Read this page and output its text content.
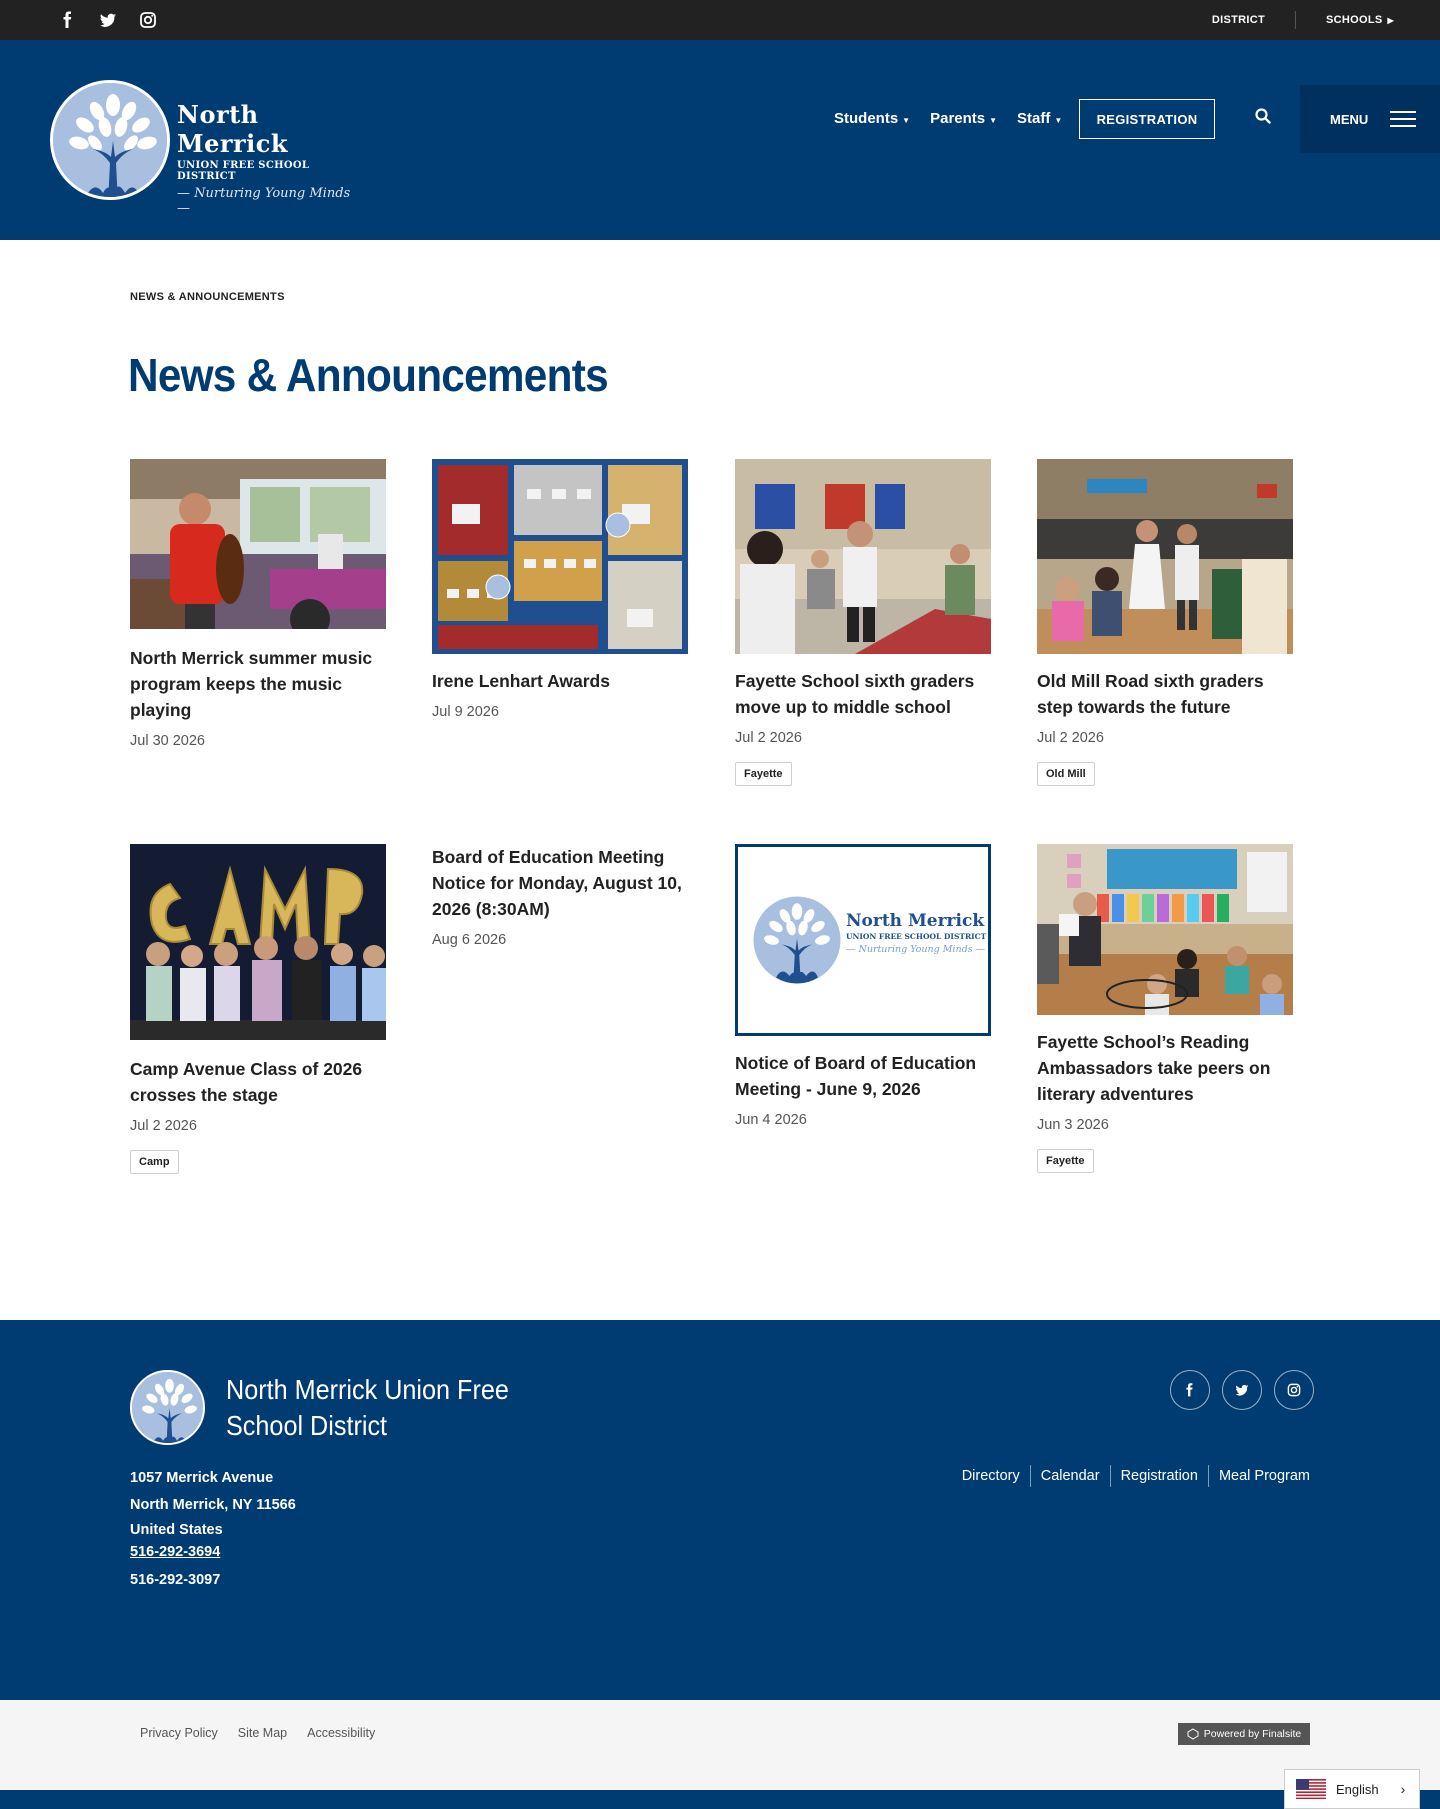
DISTRICT	SCHOOLS ▶
North Merrick
UNION FREE SCHOOL DISTRICT
— Nurturing Young Minds —
Students ▼ Parents ▼ Staff ▼	REGISTRATION	MENU
NEWS & ANNOUNCEMENTS
News & Announcements
North Merrick summer music program keeps the music playing
Jul 30 2026
Irene Lenhart Awards
Jul 9 2026
Fayette School sixth graders move up to middle school
Jul 2 2026
Fayette
Old Mill Road sixth graders step towards the future
Jul 2 2026
Old Mill
Camp Avenue Class of 2026 crosses the stage
Jul 2 2026
Camp
Board of Education Meeting Notice for Monday, August 10, 2026 (8:30AM)
Aug 6 2026
North Merrick
UNION FREE SCHOOL DISTRICT
— Nurturing Young Minds —
Notice of Board of Education Meeting - June 9, 2026
Jun 4 2026
Fayette School’s Reading Ambassadors take peers on literary adventures
Jun 3 2026
Fayette
North Merrick Union Free School District
1057 Merrick Avenue
North Merrick, NY 11566
United States
516-292-3694
516-292-3097
Directory	Calendar	Registration	Meal Program
Privacy Policy Site Map Accessibility	Powered by Finalsite
English ›
